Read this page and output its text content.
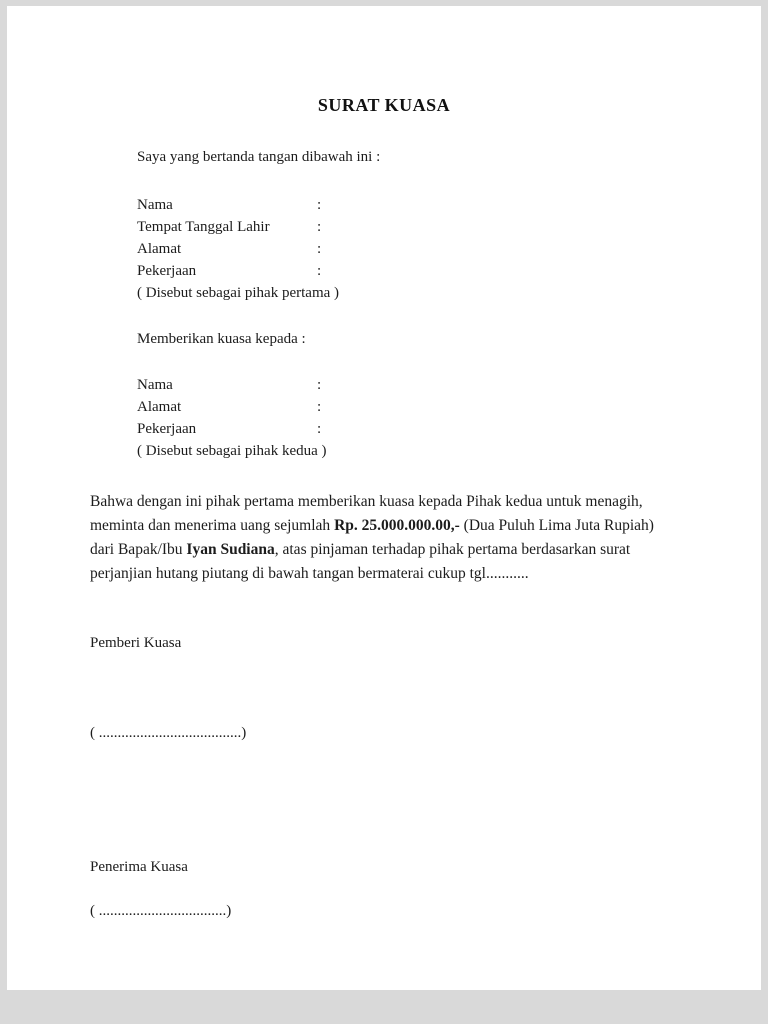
SURAT KUASA
Saya yang bertanda tangan dibawah ini :
Nama	:
Tempat Tanggal Lahir	:
Alamat	:
Pekerjaan	:
( Disebut sebagai pihak pertama )
Memberikan kuasa kepada :
Nama	:
Alamat	:
Pekerjaan	:
( Disebut sebagai pihak kedua )
Bahwa dengan ini pihak pertama memberikan kuasa kepada Pihak kedua untuk menagih, meminta dan menerima uang sejumlah Rp. 25.000.000.00,- (Dua Puluh Lima Juta Rupiah) dari Bapak/Ibu Iyan Sudiana, atas pinjaman terhadap pihak pertama berdasarkan surat perjanjian hutang piutang di bawah tangan bermaterai cukup tgl...........
Pemberi Kuasa
( ......................................)
Penerima Kuasa
( ..................................)
